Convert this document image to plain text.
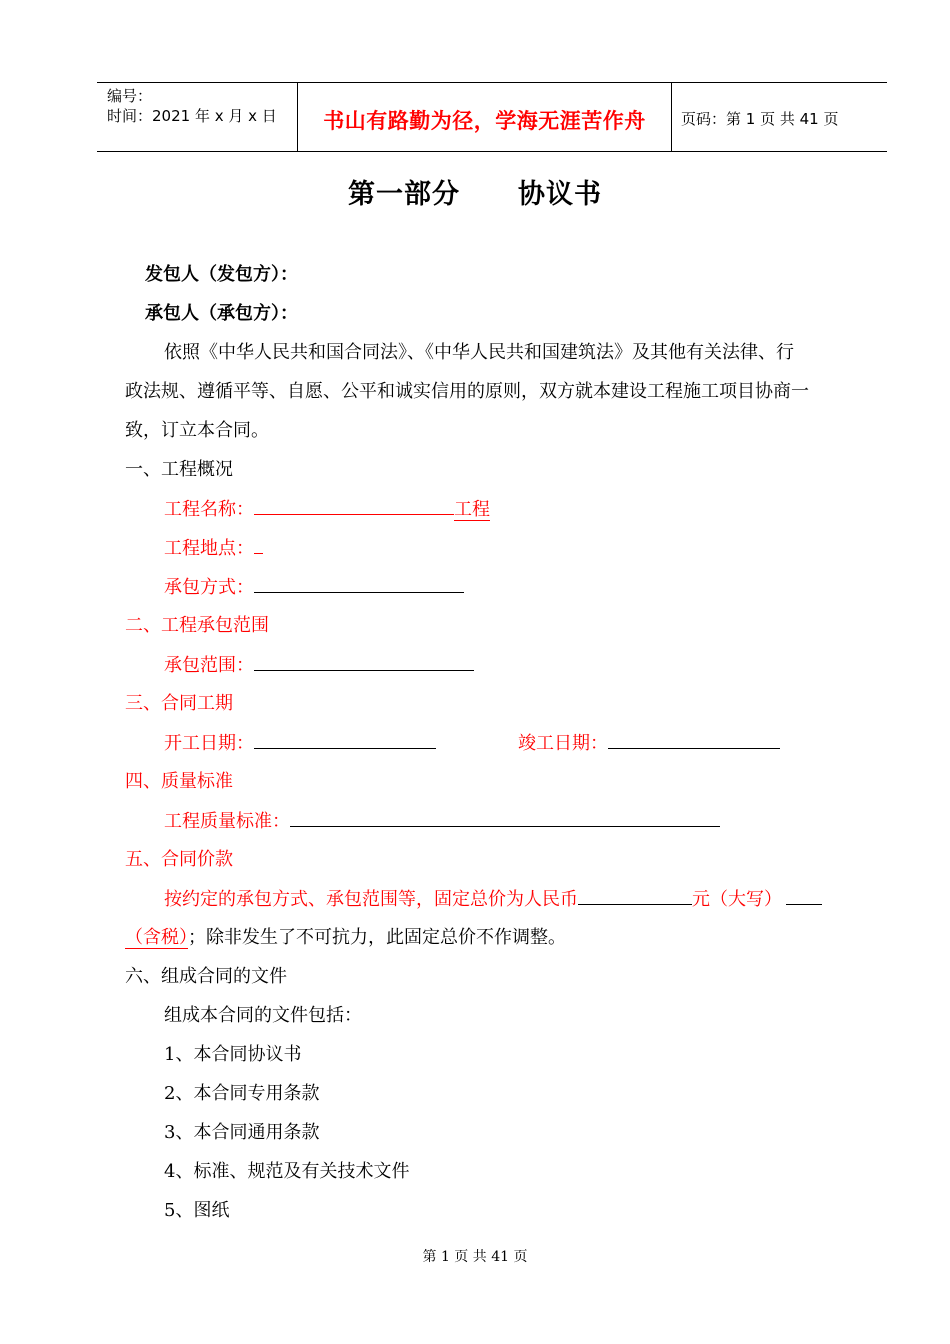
编号：
时间：2021 年 x 月 x 日	书山有路勤为径，学海无涯苦作舟	页码：第 1 页 共 41 页
第一部分 协议书
发包人（发包方）：
承包人（承包方）：
依照《中华人民共和国合同法》、《中华人民共和国建筑法》及其他有关法律、行
政法规、遵循平等、自愿、公平和诚实信用的原则，双方就本建设工程施工项目协商一
致，订立本合同。
一、工程概况
工程名称：	工程
工程地点：
承包方式：
二、工程承包范围
承包范围：
三、合同工期
开工日期：	竣工日期：
四、质量标准
工程质量标准：
五、合同价款
按约定的承包方式、承包范围等，固定总价为人民币	元（大写）
（含税）；除非发生了不可抗力，此固定总价不作调整。
六、组成合同的文件
组成本合同的文件包括：
1、本合同协议书
2、本合同专用条款
3、本合同通用条款
4、标准、规范及有关技术文件
5、图纸
第 1 页 共 41 页
